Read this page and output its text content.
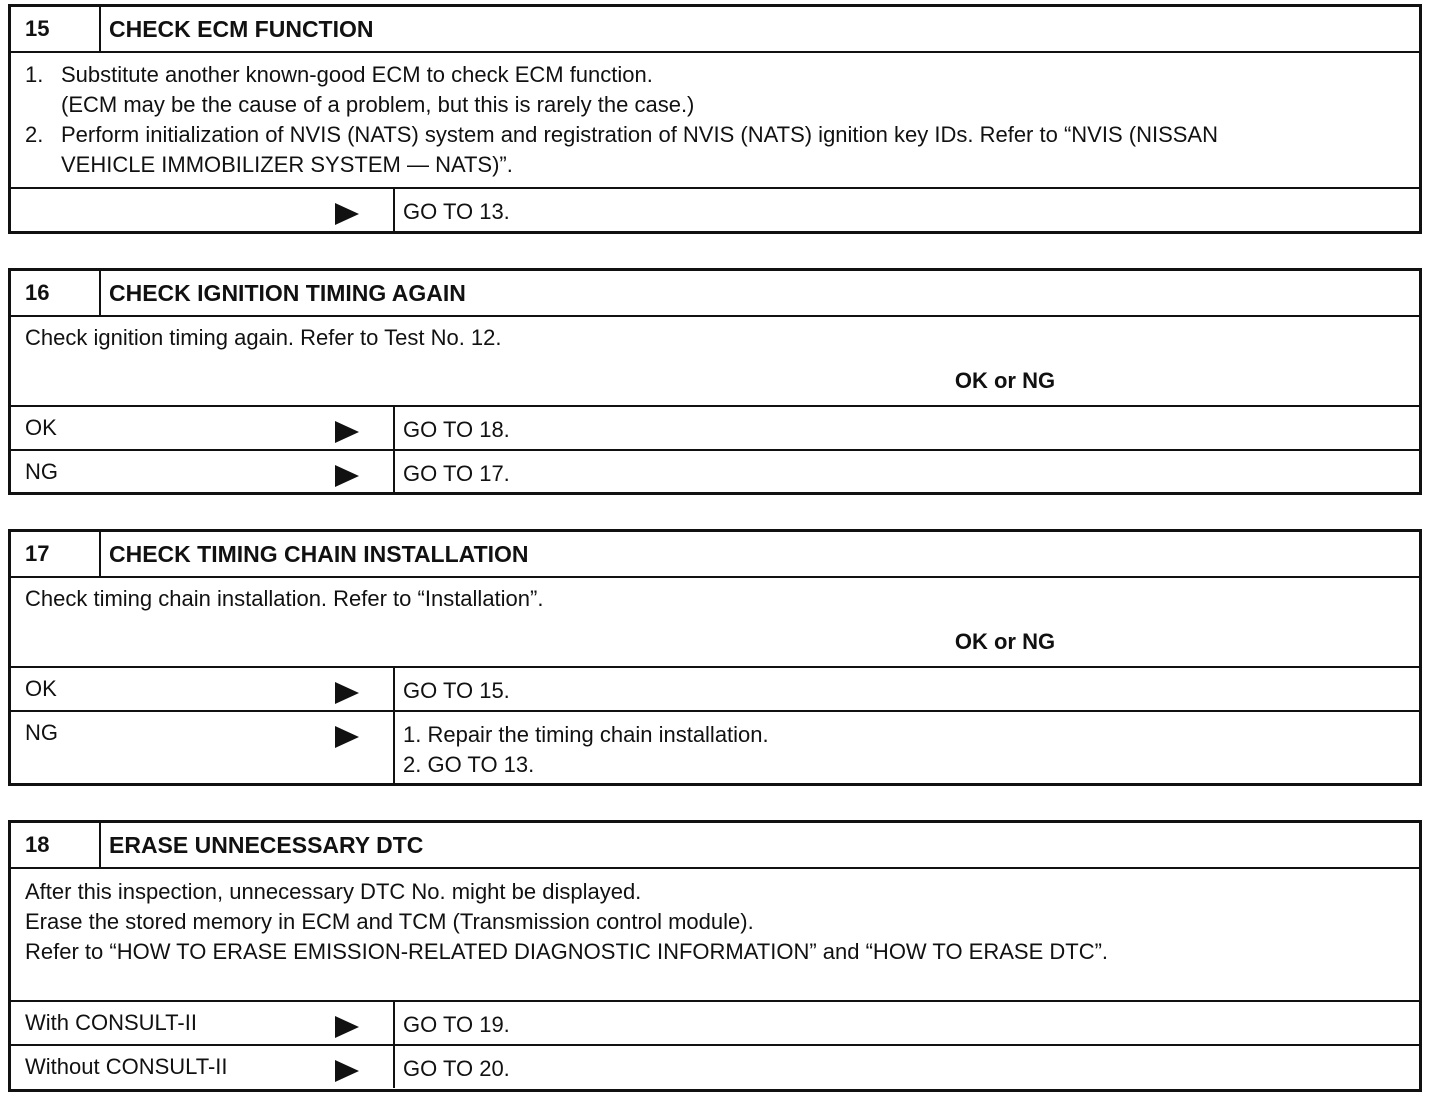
15	CHECK ECM FUNCTION
1. Substitute another known-good ECM to check ECM function.
(ECM may be the cause of a problem, but this is rarely the case.)
2. Perform initialization of NVIS (NATS) system and registration of NVIS (NATS) ignition key IDs. Refer to “NVIS (NISSAN
VEHICLE IMMOBILIZER SYSTEM — NATS)”.
GO TO 13.
16	CHECK IGNITION TIMING AGAIN
Check ignition timing again. Refer to Test No. 12.
OK or NG
OK	GO TO 18.
NG	GO TO 17.
17	CHECK TIMING CHAIN INSTALLATION
Check timing chain installation. Refer to “Installation”.
OK or NG
OK	GO TO 15.
NG	1. Repair the timing chain installation.
2. GO TO 13.
18	ERASE UNNECESSARY DTC
After this inspection, unnecessary DTC No. might be displayed.
Erase the stored memory in ECM and TCM (Transmission control module).
Refer to “HOW TO ERASE EMISSION-RELATED DIAGNOSTIC INFORMATION” and “HOW TO ERASE DTC”.
With CONSULT-II	GO TO 19.
Without CONSULT-II	GO TO 20.
